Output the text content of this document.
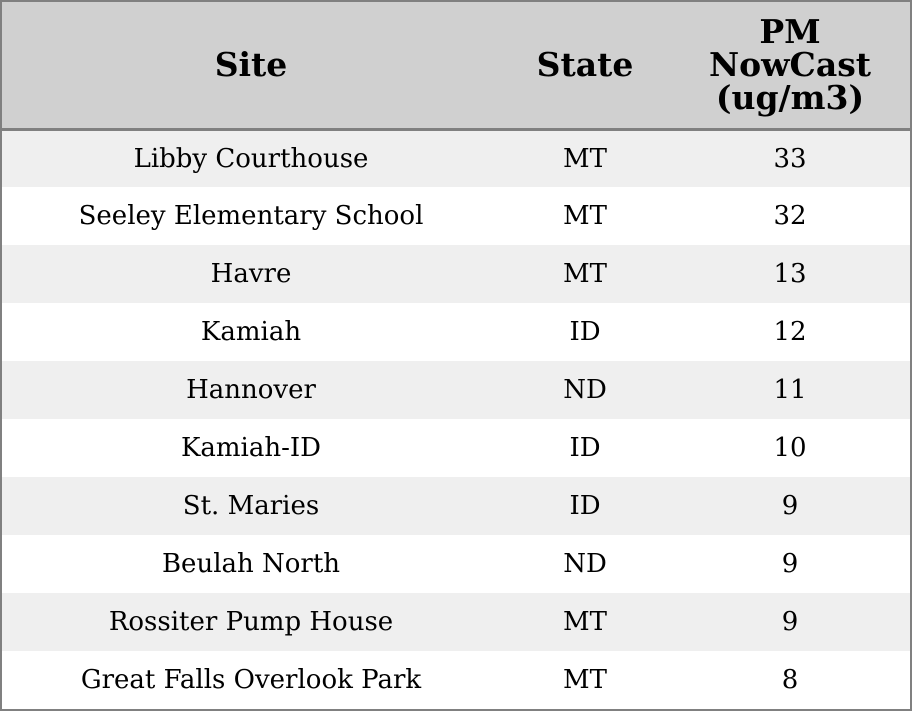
Site	State	PM
NowCast
(ug/m3)

Libby Courthouse	MT	33
Seeley Elementary School	MT	32
Havre	MT	13
Kamiah	ID	12
Hannover	ND	11
Kamiah-ID	ID	10
St. Maries	ID	9
Beulah North	ND	9
Rossiter Pump House	MT	9
Great Falls Overlook Park	MT	8
